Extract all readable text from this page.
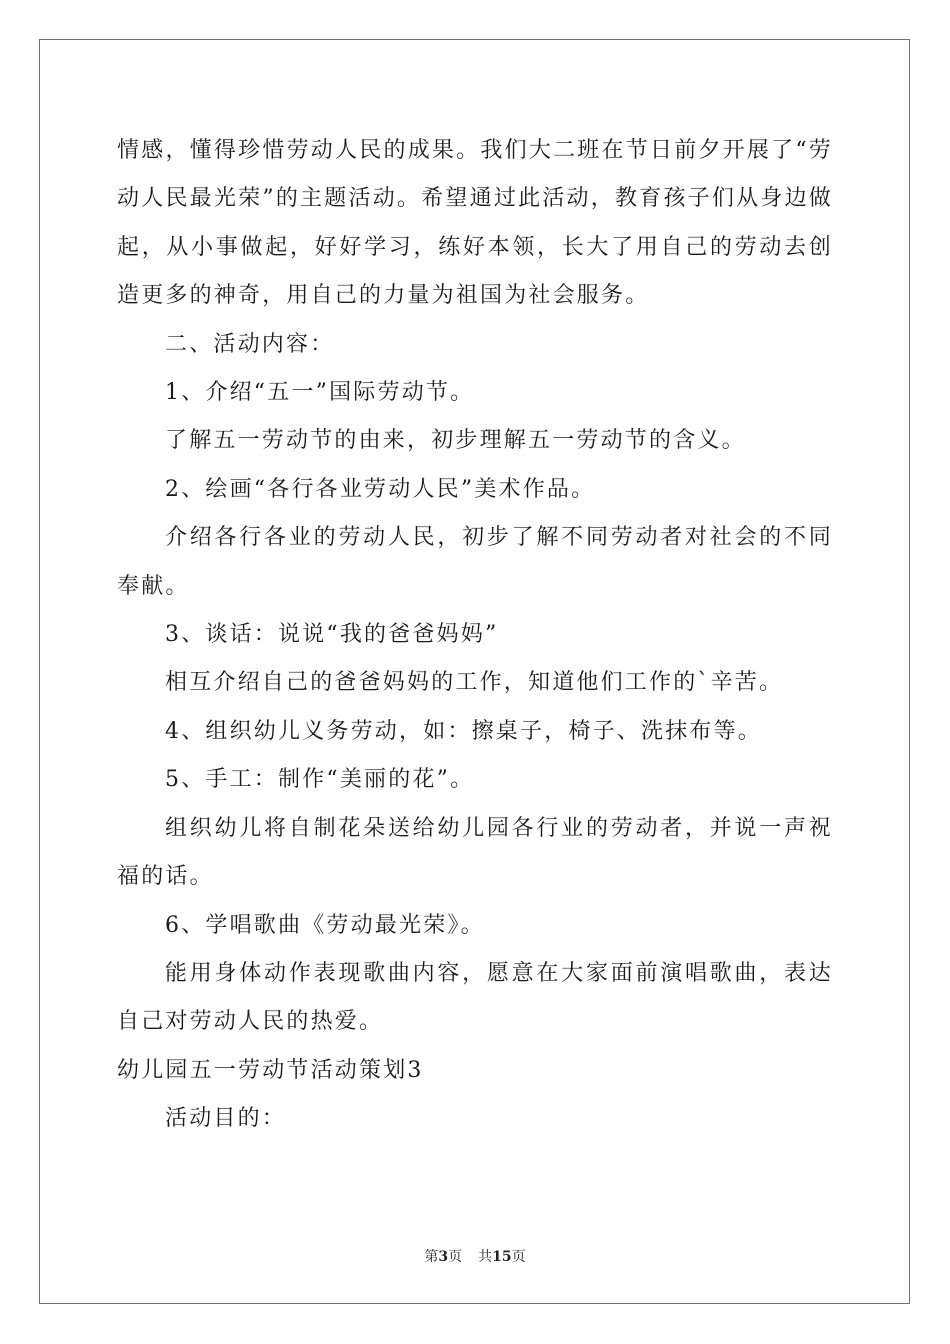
情感，懂得珍惜劳动人民的成果。我们大二班在节日前夕开展了“劳动人民最光荣”的主题活动。希望通过此活动，教育孩子们从身边做起，从小事做起，好好学习，练好本领，长大了用自己的劳动去创造更多的神奇，用自己的力量为祖国为社会服务。

二、活动内容：

1、介绍“五一”国际劳动节。

了解五一劳动节的由来，初步理解五一劳动节的含义。

2、绘画“各行各业劳动人民”美术作品。

介绍各行各业的劳动人民，初步了解不同劳动者对社会的不同奉献。

3、谈话：说说“我的爸爸妈妈”

相互介绍自己的爸爸妈妈的工作，知道他们工作的`辛苦。

4、组织幼儿义务劳动，如：擦桌子，椅子、洗抹布等。

5、手工：制作“美丽的花”。

组织幼儿将自制花朵送给幼儿园各行业的劳动者，并说一声祝福的话。

6、学唱歌曲《劳动最光荣》。

能用身体动作表现歌曲内容，愿意在大家面前演唱歌曲，表达自己对劳动人民的热爱。

幼儿园五一劳动节活动策划3

活动目的：

第3页 共15页
